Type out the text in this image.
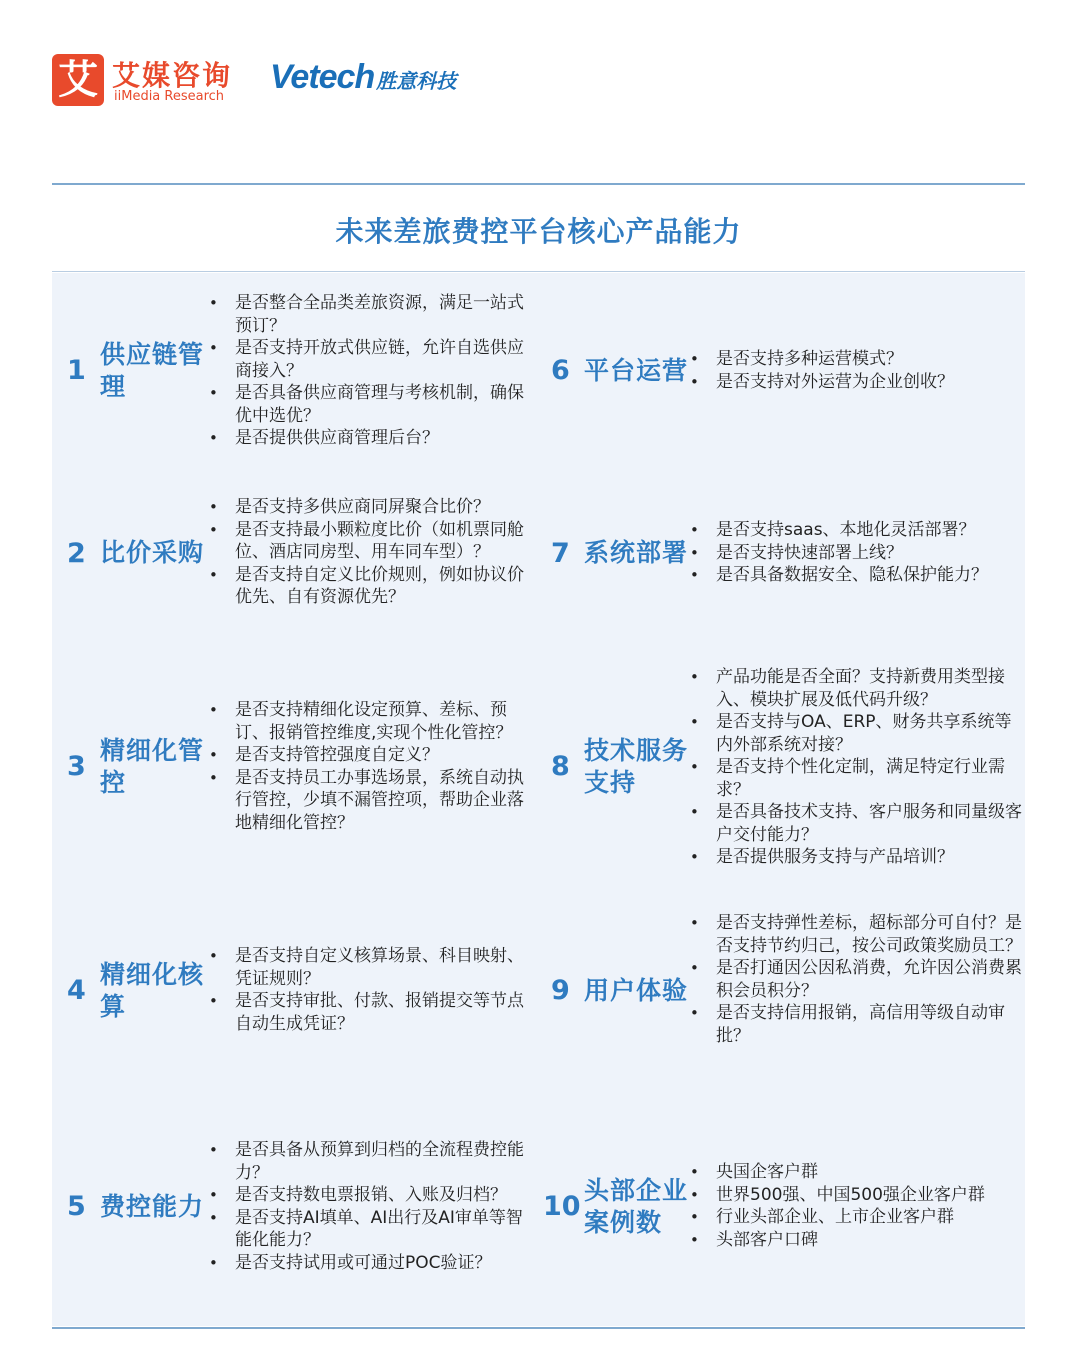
艾 艾媒咨询
iiMedia Research
Vetech 胜意科技
未来差旅费控平台核心产品能力
1
供应链管理
• 是否整合全品类差旅资源，满足一站式预订？
• 是否支持开放式供应链，允许自选供应商接入？
• 是否具备供应商管理与考核机制，确保优中选优？
• 是否提供供应商管理后台？
2 比价采购
• 是否支持多供应商同屏聚合比价？
• 是否支持最小颗粒度比价（如机票同舱位、酒店同房型、用车同车型）？
• 是否支持自定义比价规则，例如协议价优先、自有资源优先？
3
精细化管控
• 是否支持精细化设定预算、差标、预订、报销管控维度,实现个性化管控？
• 是否支持管控强度自定义？
• 是否支持员工办事选场景，系统自动执行管控，少填不漏管控项，帮助企业落地精细化管控？
4
精细化核算
• 是否支持自定义核算场景、科目映射、凭证规则？
• 是否支持审批、付款、报销提交等节点自动生成凭证？
5 费控能力
• 是否具备从预算到归档的全流程费控能力？
• 是否支持数电票报销、入账及归档？
• 是否支持AI填单、AI出行及AI审单等智能化能力？
• 是否支持试用或可通过POC验证？
6 平台运营
•	是否支持多种运营模式？
• 是否支持对外运营为企业创收？
7 系统部署
• 是否支持saas、本地化灵活部署？
• 是否支持快速部署上线？
• 是否具备数据安全、隐私保护能力？
8
技术服务支持
• 产品功能是否全面？支持新费用类型接入、模块扩展及低代码升级？
• 是否支持与OA、ERP、财务共享系统等内外部系统对接？
• 是否支持个性化定制，满足特定行业需求？
• 是否具备技术支持、客户服务和同量级客户交付能力？
• 是否提供服务支持与产品培训？
9 用户体验
• 是否支持弹性差标，超标部分可自付？是否支持节约归己，按公司政策奖励员工？
• 是否打通因公因私消费，允许因公消费累积会员积分？
• 是否支持信用报销，高信用等级自动审批？
10
头部企业案例数
• 央国企客户群
• 世界500强、中国500强企业客户群
• 行业头部企业、上市企业客户群
• 头部客户口碑
